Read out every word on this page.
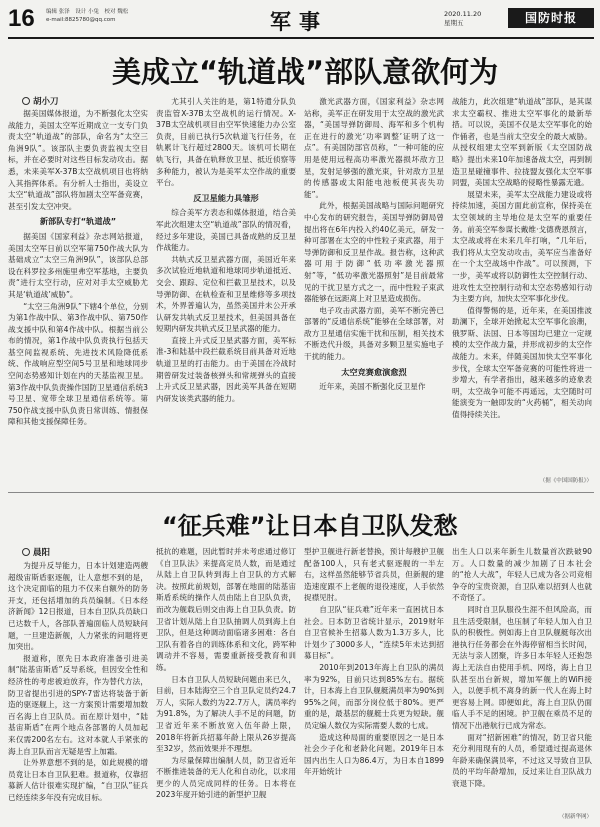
16 编辑 张泽　设计 小兔　校对 魏松
e-mail:8825780@qq.com	军事	2020.11.20
星期五	国防时报
美成立“轨道战”部队意欲何为
胡小刀

据美国媒体报道，为不断强化太空实战能力，美国太空军近期成立一支专门负责太空“轨道战”的部队，命名为“太空三角洲9队”。该部队主要负责监视太空目标，并在必要时对这些目标发动攻击。据悉，未来美军X-37B太空战机项目也将纳入其指挥体系。有分析人士指出，美设立太空“轨道战”部队将加剧太空军备竞赛，甚至引发太空冲突。

新部队专打“轨道战”

据美国《国家利益》杂志网站报道，美国太空军日前以空军第750作战大队为基础成立“太空三角洲9队”，该部队总部设在科罗拉多州施里弗空军基地，主要负责“进行太空行动，应对对手太空威胁尤其是‘轨道战’威胁”。

“太空三角洲9队”下辖4个单位，分别为第1作战中队、第3作战中队、第750作战支援中队和第4作战中队。根据当前公布的情况，第1作战中队负责执行包括天基空间监视系统、先进技术风险降低系统、作战响应型空间5号卫星和地球同步空间态势感知计划在内的天基监视卫星。第3作战中队负责操作国防卫星通信系统3号卫星、宽带全球卫星通信系统等。第750作战支援中队负责日常训练、情报保障和其他支援保障任务。

尤其引人关注的是，第1特遣分队负责监管X-37B太空战机的运行情况。X-37B太空战机项目由空军快速能力办公室负责，目前已执行5次轨道飞行任务，在轨累计飞行超过2800天。该机可长期在轨飞行，具备在轨释放卫星、抵近侦察等多种能力，被认为是美军太空作战的重要平台。

反卫星能力具雏形

综合美军方表态和媒体报道，结合美军此次组建太空“轨道战”部队的情况看，经过多年建设，美国已具备成熟的反卫星作战能力。

共轨式反卫星武器方面，美国近年来多次试验近地轨道和地球同步轨道抵近、交会、跟踪、定位和拦截卫星技术，以及导弹防御、在轨检查和卫星维修等多项技术，外界普遍认为，虽然美国并未公开承认研发共轨式反卫星技术，但美国具备在短期内研发共轨式反卫星武器的能力。

直接上升式反卫星武器方面，美军标准-3和陆基中段拦截系统目前具备对近地轨道卫星的打击能力。由于美国在冷战时期曾研发过装备核弹头和常规弹头的直接上升式反卫星武器，因此美军具备在短期内研发该类武器的能力。

激光武器方面，《国家利益》杂志网站称，美军正在研发用于太空战的激光武器，“美国导弹防御局、海军和多个机构正在进行的激光‘功率调整’证明了这一点”。有美国防部官员称，“一种可能的应用是使用远程高功率激光器损坏敌方卫星，发射足够强的激光束，针对敌方卫星的传感器或太阳能电池板使其丧失功能”。

此外，根据美国战略与国际问题研究中心发布的研究报告，美国导弹防御局曾提出将在6年内投入约40亿美元，研发一种可部署在太空的中性粒子束武器，用于导弹防御和反卫星作战。报告称，这种武器可用于防御“低功率激光器照射”等，“低功率激光器照射”是目前最常见的干扰卫星方式之一，而中性粒子束武器能够在远距离上对卫星造成损伤。

电子攻击武器方面，美军不断完善已部署的“反通信系统”能够在全球部署，对敌方卫星通信实施干扰和压制，相关技术不断迭代升级，具备对多颗卫星实施电子干扰的能力。

太空竞赛愈演愈烈

近年来，美国不断强化反卫星作

战能力，此次组建“轨道战”部队，是其谋求太空霸权、推进太空军事化的最新举措。可以说，美国不仅是太空军事化的始作俑者，也是当前太空安全的最大威胁。从授权组建太空军到新版《太空国防战略》提出未来10年加速备战太空，再到制造卫星碰撞事件、拉拢盟友强化太空军事同盟，美国太空战略的侵略性暴露无遗。

展望未来，美军太空战能力建设或将持续加速，美国方面此前宣称，保持美在太空领域的主导地位是太空军的重要任务。前美空军参谋长戴维·戈德费恩预言，太空战或将在未来几年打响，“几年后，我们将从太空发动攻击，美军应当准备好在一个太空战场中作战”。可以预测，下一步，美军或将以防御性太空控制行动、进攻性太空控制行动和太空态势感知行动为主要方向，加快太空军事化步伐。

值得警惕的是，近年来，在美国推波助澜下，全球开始掀起太空军事化浪潮，俄罗斯、法国、日本等国均已建立一定规模的太空作战力量，并形成初步的太空作战能力。未来，伴随美国加快太空军事化步伐，全球太空军备竞赛的可能性将进一步增大，有学者指出，越来越多的迹象表明，太空战争可能不再遥远，太空随时可能演变为一触即发的“火药桶”，相关动向值得持续关注。

（据《中国国防报》）
“征兵难”让日本自卫队发愁
晨阳

为提升反导能力，日本计划建造两艘超级宙斯盾驱逐舰，让人意想不到的是，这个决定面临的阻力不仅来自额外的防务开支，还包括增加的兵员编制。《日本经济新闻》12日报道，日本自卫队兵员缺口已达数千人，各部队普遍面临人员短缺问题，一旦建造新舰，人力紧张的问题将更加突出。

报道称，原先日本政府准备引进美制“陆基宙斯盾”反导系统，但因安全性和经济性的考虑被迫放弃，作为替代方法，防卫省提出引进的SPY-7雷达将装备于新造的驱逐舰上，这一方案预计需要增加数百名海上自卫队员。而在原计划中，“陆基宙斯盾”在两个地点各部署的人员加起来仅需200名左右。这对本就人手紧张的海上自卫队而言无疑是雪上加霜。

让外界意想不到的是，如此规模的增员竟让日本自卫队犯难。报道称，仅靠招募新人估计很难实现扩编，“自卫队”征兵已经连续多年没有完成目标。

抵抗的难题，因此暂时并未考虑通过修订《自卫队法》来提高定员人数，而是通过从陆上自卫队转到海上自卫队的方式解决。按照此前规划，部署在地面的陆基宙斯盾系统的操作人员由陆上自卫队负责，而改为舰载后则交由海上自卫队负责。防卫省计划从陆上自卫队抽调人员到海上自卫队，但是这种调动面临诸多困难：各自卫队有着各自的训练体系和文化，跨军种调动并不容易，需要重新接受教育和训练。

日本自卫队人员短缺问题由来已久，目前，日本陆海空三个自卫队定员约24.7万人，实际人数约为22.7万人，满员率约为91.8%，为了解决人手不足的问题，防卫省近年来不断放宽入伍年龄上限，2018年将新兵招募年龄上限从26岁提高至32岁，然而效果并不理想。

为尽量保障出编制人员，防卫省近年不断推进装备的无人化和自动化，以求用更少的人员完成同样的任务。日本将在2023年度开始引进的新型护卫舰

型护卫舰进行新老替换，预计每艘护卫舰配备100人，只有老式驱逐舰的一半左右，这样虽然能够节省兵员，但新舰的建造速度跟不上老舰的退役速度，人手依然捉襟见肘。

自卫队“征兵难”近年来一直困扰日本社会。日本防卫省统计显示，2019财年自卫官候补生招募人数为1.3万多人，比计划少了3000多人，“连续5年未达到招募目标”。

2010年到2013年海上自卫队的满员率为92%，目前只达到85%左右。据统计，日本海上自卫队舰艇满员率为90%到95%之间，而部分岗位低于80%。更严重的是，最基层的舰艇士兵更为短缺。舰员定编人数仅为实际需要人数的七成。

造成这种局面的重要原因之一是日本社会少子化和老龄化问题。2019年日本国内出生人口为86.4万，为日本自1899年开始统计

出生人口以来年新生儿数量首次跌破90万。人口数量的减少加剧了日本社会的“抢人大战”，年轻人已成为各公司竞相争夺的宝贵资源，自卫队难以招到人也就不奇怪了。

同时自卫队服役生涯不但风险高，而且生活受限制，也压制了年轻人加入自卫队的积极性。例如海上自卫队舰艇每次出港执行任务都会在外海停留相当长时间，无法与亲人团聚，许多日本年轻人还抱怨海上无法自由使用手机、网络，海上自卫队甚至出台新规，增加军舰上的WiFi接入，以便手机不离身的新一代人在海上时更容易上网。即便如此，海上自卫队仍面临人手不足的困境。护卫舰在乘员不足的情况下出港航行已成为常态。

面对“招新困难”的情况，防卫省只能充分利用现有的人员，希望通过提高退休年龄来确保满员率，不过这又导致自卫队员的平均年龄增加，反过来让自卫队战力衰退下降。

（据新华网）
